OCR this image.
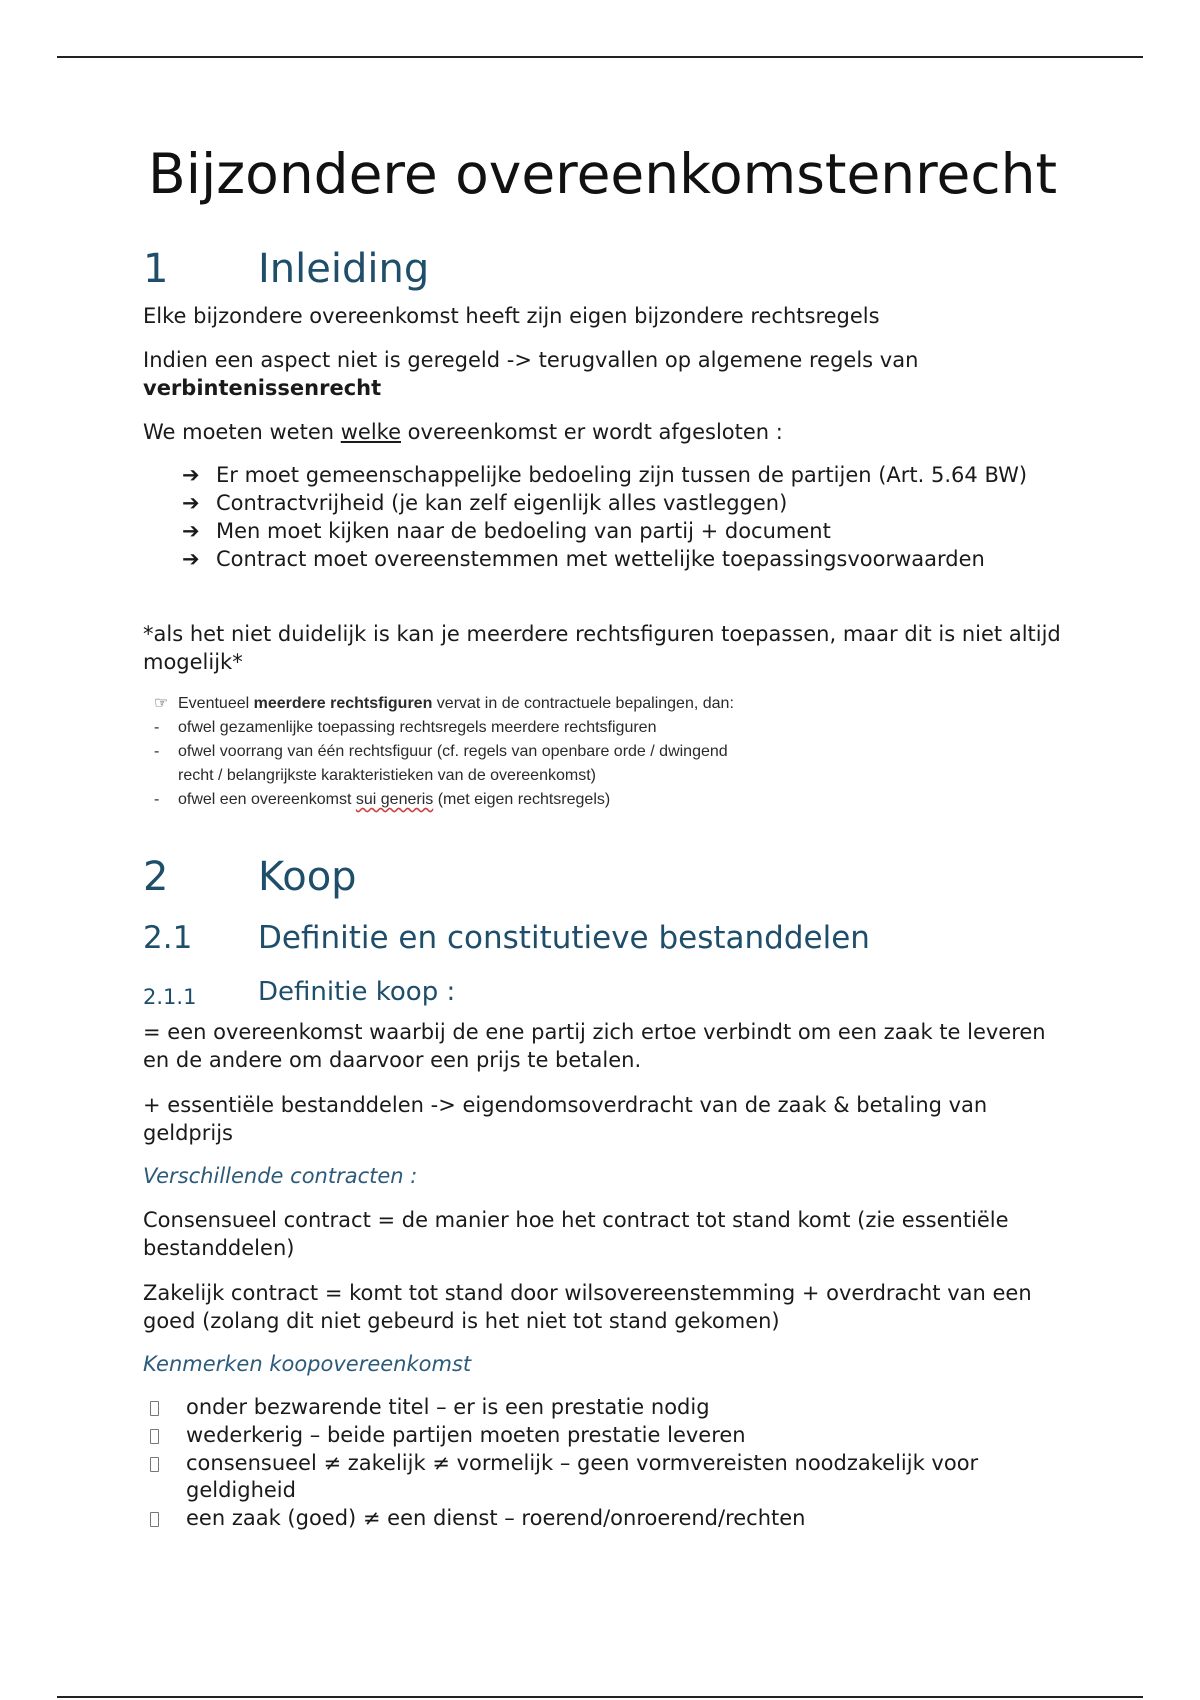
Bijzondere overeenkomstenrecht
1 Inleiding
Elke bijzondere overeenkomst heeft zijn eigen bijzondere rechtsregels
Indien een aspect niet is geregeld -> terugvallen op algemene regels van
verbintenissenrecht
We moeten weten welke overeenkomst er wordt afgesloten :
➔ Er moet gemeenschappelijke bedoeling zijn tussen de partijen (Art. 5.64 BW)
➔ Contractvrijheid (je kan zelf eigenlijk alles vastleggen)
➔ Men moet kijken naar de bedoeling van partij + document
➔ Contract moet overeenstemmen met wettelijke toepassingsvoorwaarden
*als het niet duidelijk is kan je meerdere rechtsfiguren toepassen, maar dit is niet altijd mogelijk*
☞ Eventueel meerdere rechtsfiguren vervat in de contractuele bepalingen, dan:
- ofwel gezamenlijke toepassing rechtsregels meerdere rechtsfiguren
- ofwel voorrang van één rechtsfiguur (cf. regels van openbare orde / dwingend
recht / belangrijkste karakteristieken van de overeenkomst)
- ofwel een overeenkomst sui generis (met eigen rechtsregels)
2 Koop
2.1 Definitie en constitutieve bestanddelen
2.1.1 Definitie koop :
= een overeenkomst waarbij de ene partij zich ertoe verbindt om een zaak te leveren en de andere om daarvoor een prijs te betalen.
+ essentiële bestanddelen -> eigendomsoverdracht van de zaak & betaling van geldprijs
Verschillende contracten :
Consensueel contract = de manier hoe het contract tot stand komt (zie essentiële bestanddelen)
Zakelijk contract = komt tot stand door wilsovereenstemming + overdracht van een goed (zolang dit niet gebeurd is het niet tot stand gekomen)
Kenmerken koopovereenkomst
onder bezwarende titel – er is een prestatie nodig
wederkerig – beide partijen moeten prestatie leveren
consensueel ≠ zakelijk ≠ vormelijk – geen vormvereisten noodzakelijk voor geldigheid
een zaak (goed) ≠ een dienst – roerend/onroerend/rechten
